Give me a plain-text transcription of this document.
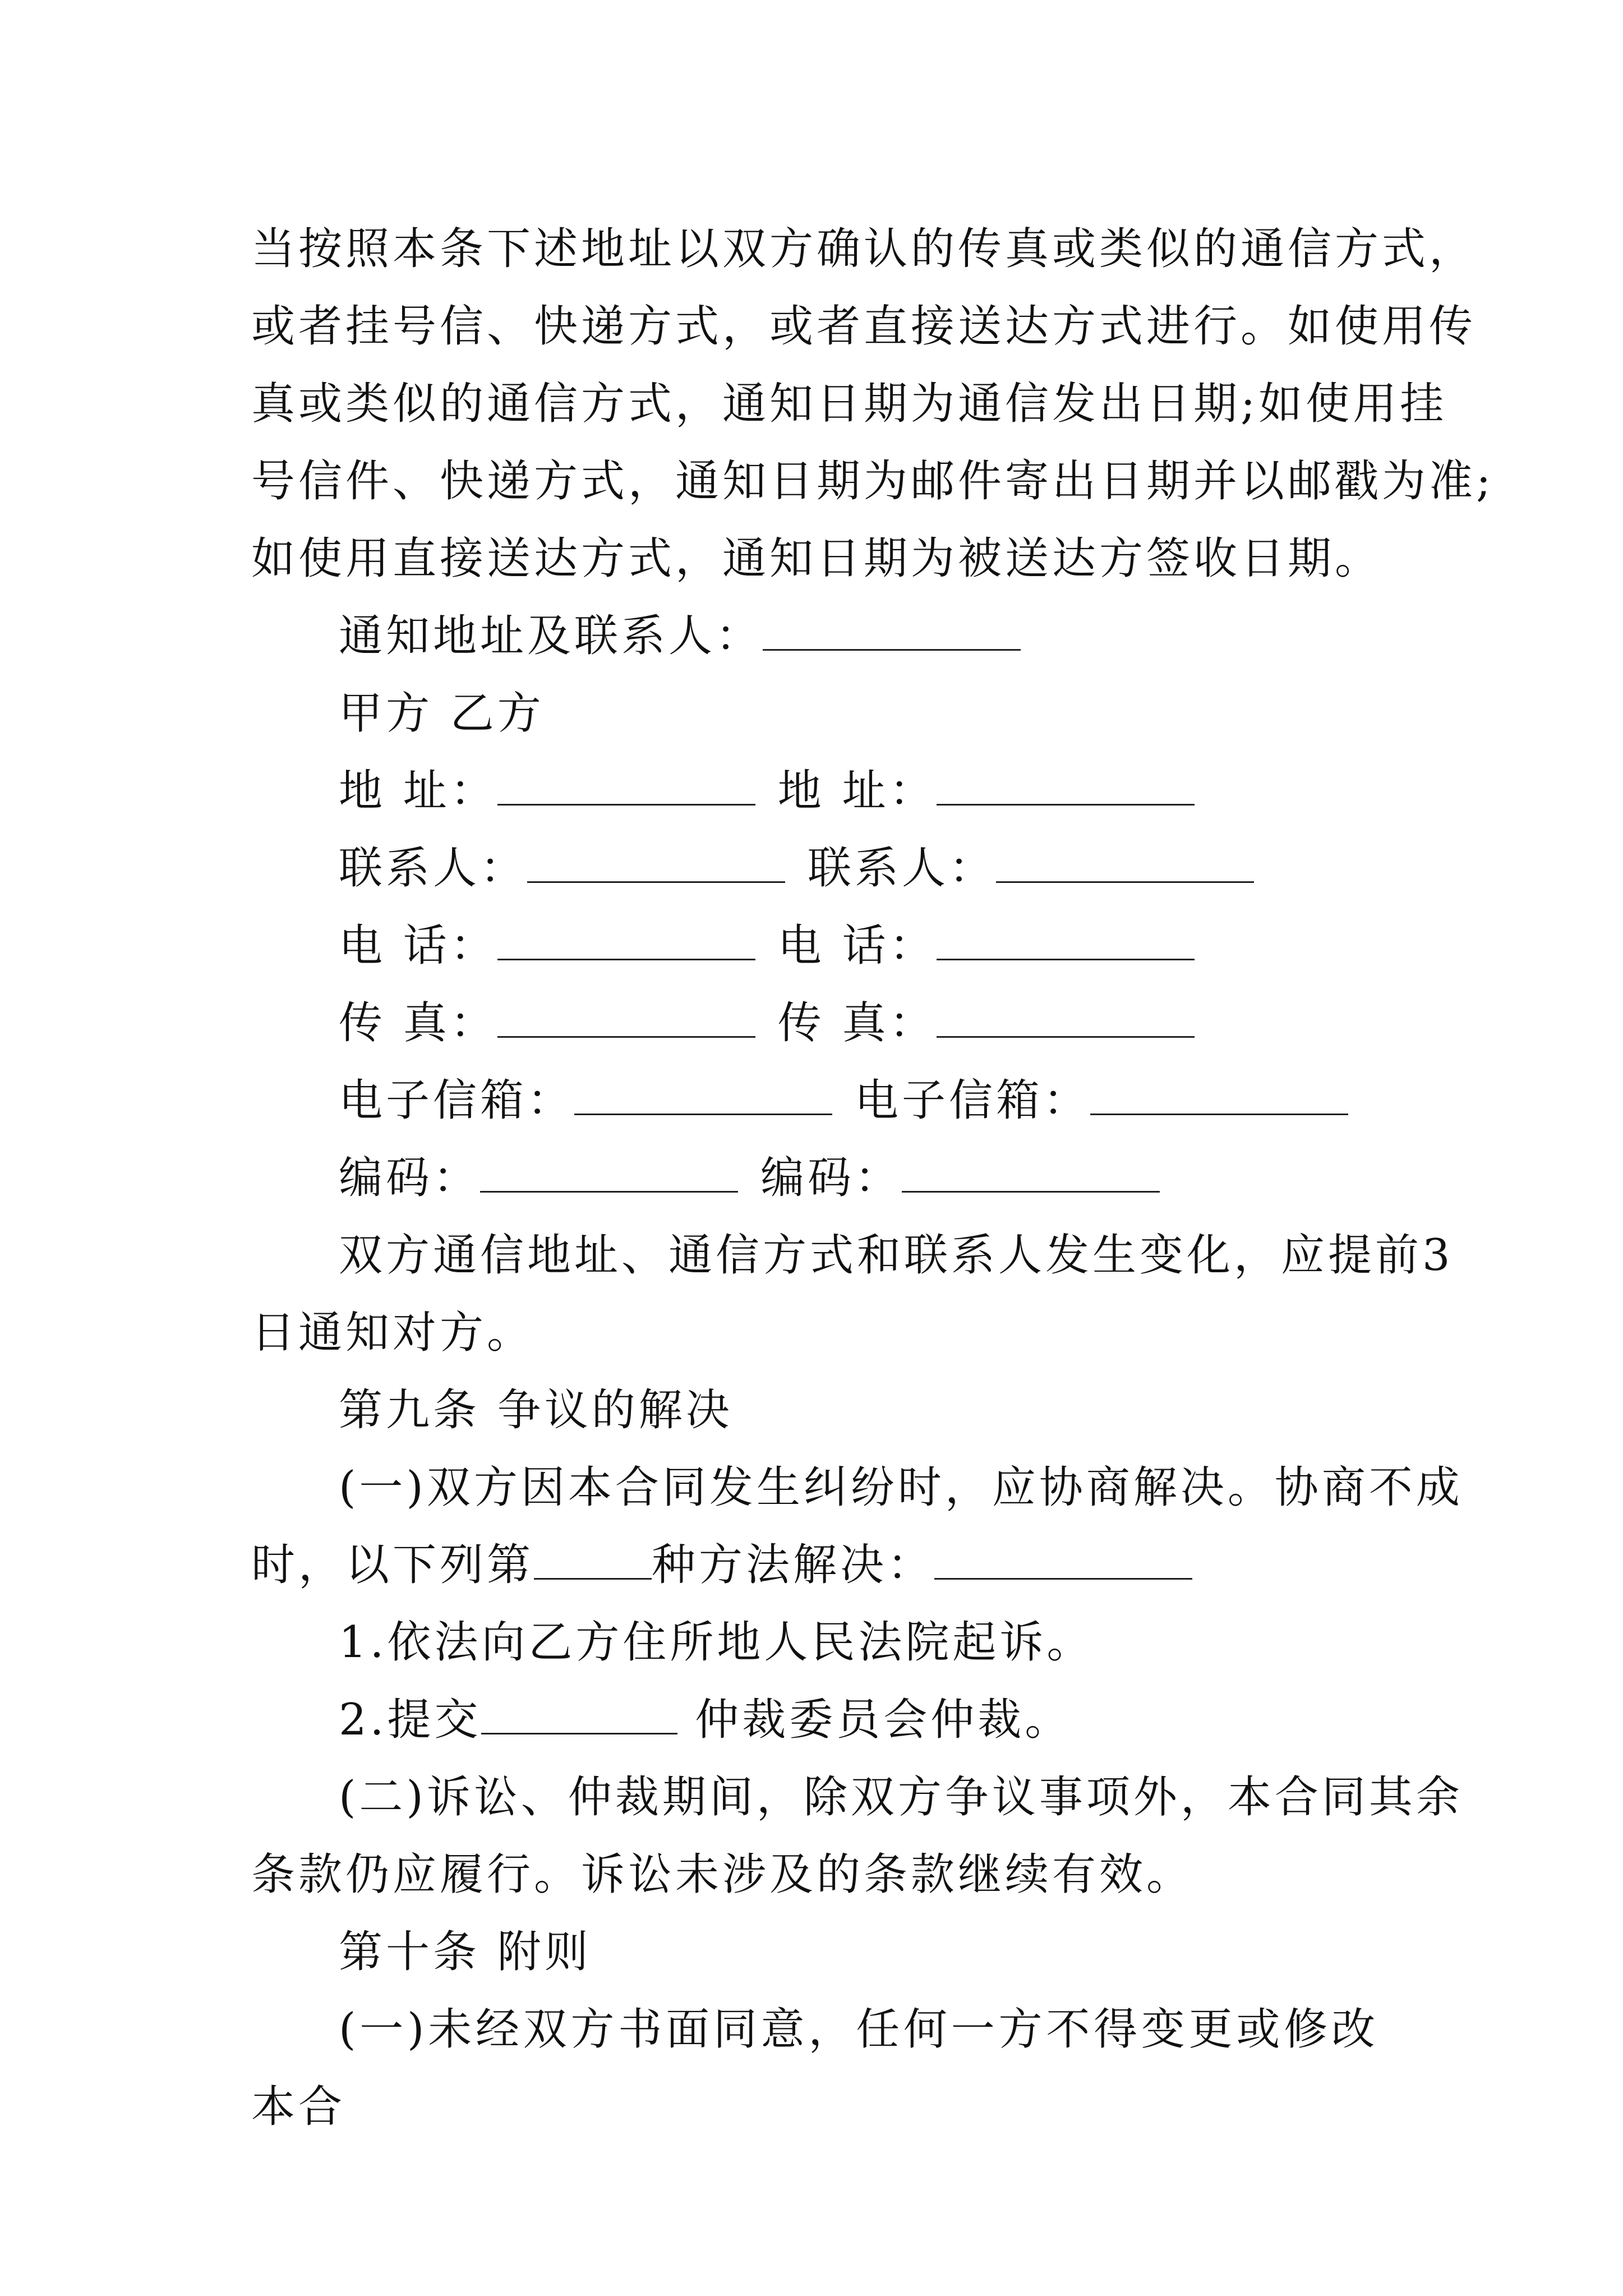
当按照本条下述地址以双方确认的传真或类似的通信方式，
或者挂号信、快递方式，或者直接送达方式进行。如使用传
真或类似的通信方式，通知日期为通信发出日期;如使用挂
号信件、快递方式，通知日期为邮件寄出日期并以邮戳为准;
如使用直接送达方式，通知日期为被送达方签收日期。
通知地址及联系人：
甲方 乙方
地 址：	地 址：
联系人：	联系人：
电 话：	电 话：
传 真：	传 真：
电子信箱：	电子信箱：
编码：	编码：
双方通信地址、通信方式和联系人发生变化，应提前3
日通知对方。
第九条 争议的解决
(一)双方因本合同发生纠纷时，应协商解决。协商不成
时，以下列第	种方法解决：
1.依法向乙方住所地人民法院起诉。
2.提交	仲裁委员会仲裁。
(二)诉讼、仲裁期间，除双方争议事项外，本合同其余
条款仍应履行。诉讼未涉及的条款继续有效。
第十条 附则
(一)未经双方书面同意，任何一方不得变更或修改本合
